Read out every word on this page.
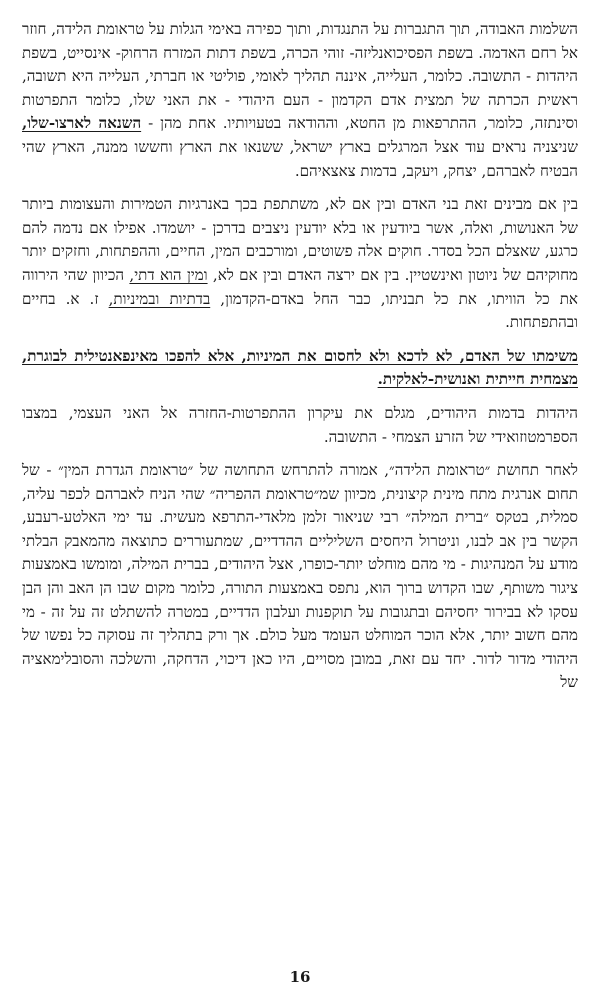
השלמות האבודה, תוך התגברות על התנגדות, ותוך כפירה באימי הגלות על טראומת הלידה, חוזר אל רחם האדמה. בשפת הפסיכואנליזה- זוהי הכרה, בשפת דתות המזרח הרחוק- אינסייט, בשפת היהדות - התשובה. כלומר, העלייה, איננה תהליך לאומי, פוליטי או חברתי, העלייה היא תשובה, ראשית הכרתה של תמצית אדם הקדמון - העם היהודי - את האני שלו, כלומר התפרטות וסינתזה, כלומר, ההתרפאות מן החטא, וההודאה בטעויותיו. אחת מהן - השנאה לארצו-שלו, שניצניה נראים עוד אצל המרגלים בארץ ישראל, ששנאו את הארץ וחששו ממנה, הארץ שהי הבטיח לאברהם, יצחק, ויעקב, בדמות צאצאיהם.

בין אם מבינים זאת בני האדם ובין אם לא, משתתפת בכך באנרגיות הטמירות והעצומות ביותר של האנושות, ואלה, אשר ביודעין או בלא יודעין ניצבים בדרכן - יושמדו. אפילו אם נדמה להם כרגע, שאצלם הכל בסדר. חוקים אלה פשוטים, ומורכבים המין, החיים, וההפתחות, וחזקים יותר מחוקיהם של ניוטון ואינשטיין. בין אם ירצה האדם ובין אם לא, ומין הוא דתי, הכיוון שהי הירווה את כל הוויתו, את כל תבניתו, כבר החל באדם-הקדמון, בדתיות ובמיניות, ז. א. בחיים ובהתפתחות.

משימתו של האדם, לא לדכא ולא לחסום את המיניות, אלא להפכו מאינפאנטילית לבוגרת, מצמחית חייתית ואנושית-לאלקית.

היהדות בדמות היהודים, מגלם את עיקרון ההתפרטות-החזרה אל האני העצמי, במצבו הספרמטוזואידי של הזרע הצמחי - התשובה.

לאחר תחושת ״טראומת הלידה״, אמורה להתרחש התחושה של ״טראומת הגדרת המין״ - של תחום אנרגית מתח מינית קיצונית, מכיוון שמ״טראומת ההפריה״ שהי הניח לאברהם לכפר עליה, סמלית, בטקס ״ברית המילה״ רבי שניאור זלמן מלאדי-התרפא מעשית. עד ימי האלטע-רעבע, הקשר בין אב לבנו, וניטרול היחסים השליליים ההדדיים, שמתעוררים כתוצאה מהמאבק הבלתי מודע על המנהיגות - מי מהם מוחלט יותר-כופרו, אצל היהודים, בברית המילה, ומומשו באמצעות ציגור משותף, שבו הקדוש ברוך הוא, נתפס באמצעות התורה, כלומר מקום שבו הן האב והן הבן עסקו לא בבירור יחסיהם ובתגובות על תוקפנות ועלבון הדדיים, במטרה להשתלט זה על זה - מי מהם חשוב יותר, אלא הוכר המוחלט העומד מעל כולם. אך ורק בתהליך זה עסוקה כל נפשו של היהודי מדור לדור. יחד עם זאת, במובן מסויים, היו כאן דיכוי, הדחקה, והשלכה והסובלימאציה של

16
